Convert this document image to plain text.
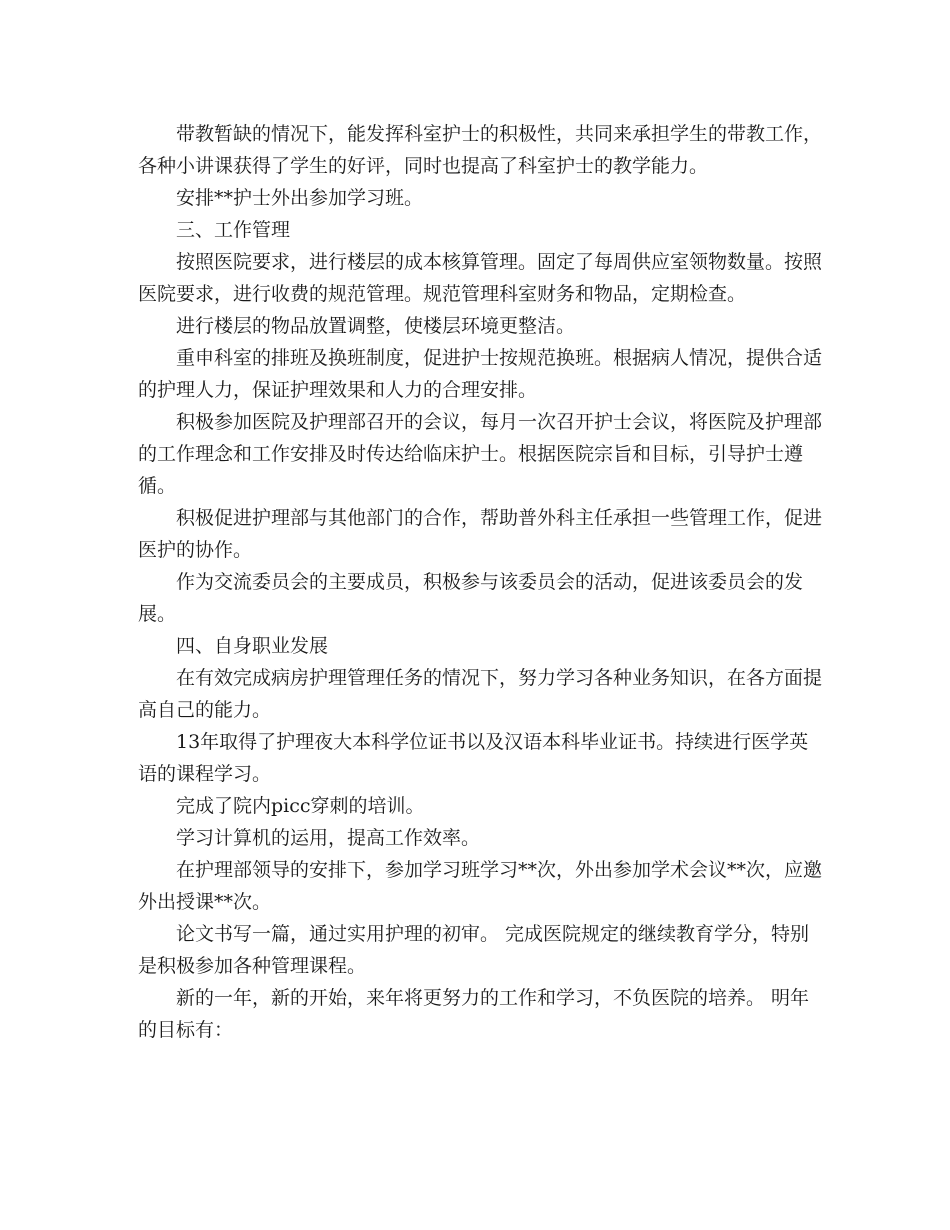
带教暂缺的情况下，能发挥科室护士的积极性，共同来承担学生的带教工作，
各种小讲课获得了学生的好评，同时也提高了科室护士的教学能力。

安排**护士外出参加学习班。

三、工作管理

按照医院要求，进行楼层的成本核算管理。固定了每周供应室领物数量。按照
医院要求，进行收费的规范管理。规范管理科室财务和物品，定期检查。

进行楼层的物品放置调整，使楼层环境更整洁。

重申科室的排班及换班制度，促进护士按规范换班。根据病人情况，提供合适
的护理人力，保证护理效果和人力的合理安排。

积极参加医院及护理部召开的会议，每月一次召开护士会议，将医院及护理部
的工作理念和工作安排及时传达给临床护士。根据医院宗旨和目标，引导护士遵循。

积极促进护理部与其他部门的合作，帮助普外科主任承担一些管理工作，促进
医护的协作。

作为交流委员会的主要成员，积极参与该委员会的活动，促进该委员会的发展。

四、自身职业发展

在有效完成病房护理管理任务的情况下，努力学习各种业务知识，在各方面提
高自己的能力。

13年取得了护理夜大本科学位证书以及汉语本科毕业证书。持续进行医学英
语的课程学习。

完成了院内picc穿刺的培训。

学习计算机的运用，提高工作效率。

在护理部领导的安排下，参加学习班学习**次，外出参加学术会议**次，应邀
外出授课**次。

论文书写一篇，通过实用护理的初审。 完成医院规定的继续教育学分，特别
是积极参加各种管理课程。

新的一年，新的开始，来年将更努力的工作和学习，不负医院的培养。 明年
的目标有：
